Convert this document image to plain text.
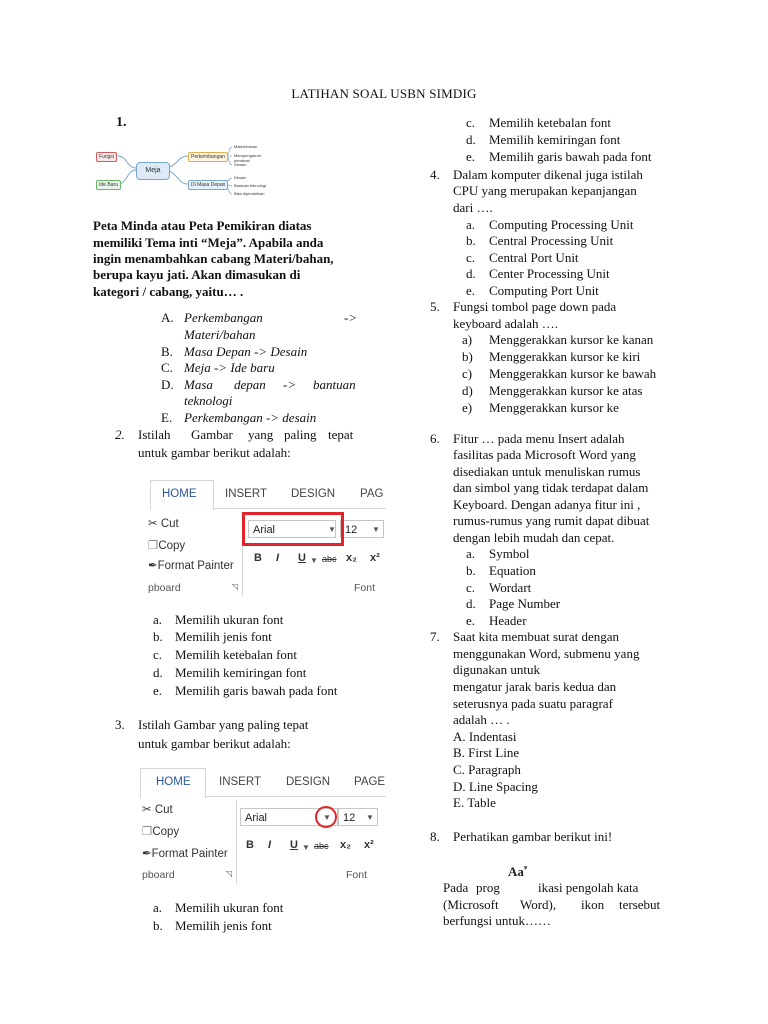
LATIHAN SOAL USBN SIMDIG
1.
Meja
Fungsi
Ide Baru
Perkembangan
Di Masa Depan
Materi/bahan
Mempengaruhi pembuat
Desain
Desain
Bantuan teknologi
Bisa dipindahkan
Peta Minda atau Peta Pemikiran diatas
memiliki Tema inti “Meja”. Apabila anda
ingin menambahkan cabang Materi/bahan,
berupa kayu jati. Akan dimasukan di
kategori / cabang, yaitu… .
A. Perkembangan	->
Materi/bahan
B. Masa Depan -> Desain
C. Meja -> Ide baru
D. Masa depan -> bantuan
teknologi
E. Perkembangan -> desain
2. Istilah Gambar yang paling tepat
untuk gambar berikut adalah:
HOME INSERT DESIGN PAG
✂ Cut
❐Copy
✒Format Painter
pboard	◹
Arial	▼ 12	▼
B I U ▼ abc x₂ x²
Font
a. Memilih ukuran font
b. Memilih jenis font
c. Memilih ketebalan font
d. Memilih kemiringan font
e. Memilih garis bawah pada font
3. Istilah Gambar yang paling tepat
untuk gambar berikut adalah:
HOME INSERT DESIGN PAGE
✂ Cut
❐Copy
✒Format Painter
pboard	◹
Arial	▼	12	▼
B I U ▼ abc x₂ x²
Font
a. Memilih ukuran font
b. Memilih jenis font
c. Memilih ketebalan font
d. Memilih kemiringan font
e. Memilih garis bawah pada font
4. Dalam komputer dikenal juga istilah
CPU yang merupakan kepanjangan
dari ….
a. Computing Processing Unit
b. Central Processing Unit
c. Central Port Unit
d. Center Processing Unit
e. Computing Port Unit
5. Fungsi tombol page down pada
keyboard adalah ….
a) Menggerakkan kursor ke kanan
b) Menggerakkan kursor ke kiri
c) Menggerakkan kursor ke bawah
d) Menggerakkan kursor ke atas
e) Menggerakkan kursor ke
6. Fitur … pada menu Insert adalah
fasilitas pada Microsoft Word yang
disediakan untuk menuliskan rumus
dan simbol yang tidak terdapat dalam
Keyboard. Dengan adanya fitur ini ,
rumus-rumus yang rumit dapat dibuat
dengan lebih mudah dan cepat.
a. Symbol
b. Equation
c. Wordart
d. Page Number
e. Header
7. Saat kita membuat surat dengan
menggunakan Word, submenu yang
digunakan untuk
mengatur jarak baris kedua dan
seterusnya pada suatu paragraf
adalah … .
A. Indentasi
B. First Line
C. Paragraph
D. Line Spacing
E. Table
8. Perhatikan gambar berikut ini!
Pada prog
Aa▾
ikasi pengolah kata
(Microsoft Word), ikon tersebut
berfungsi untuk……
